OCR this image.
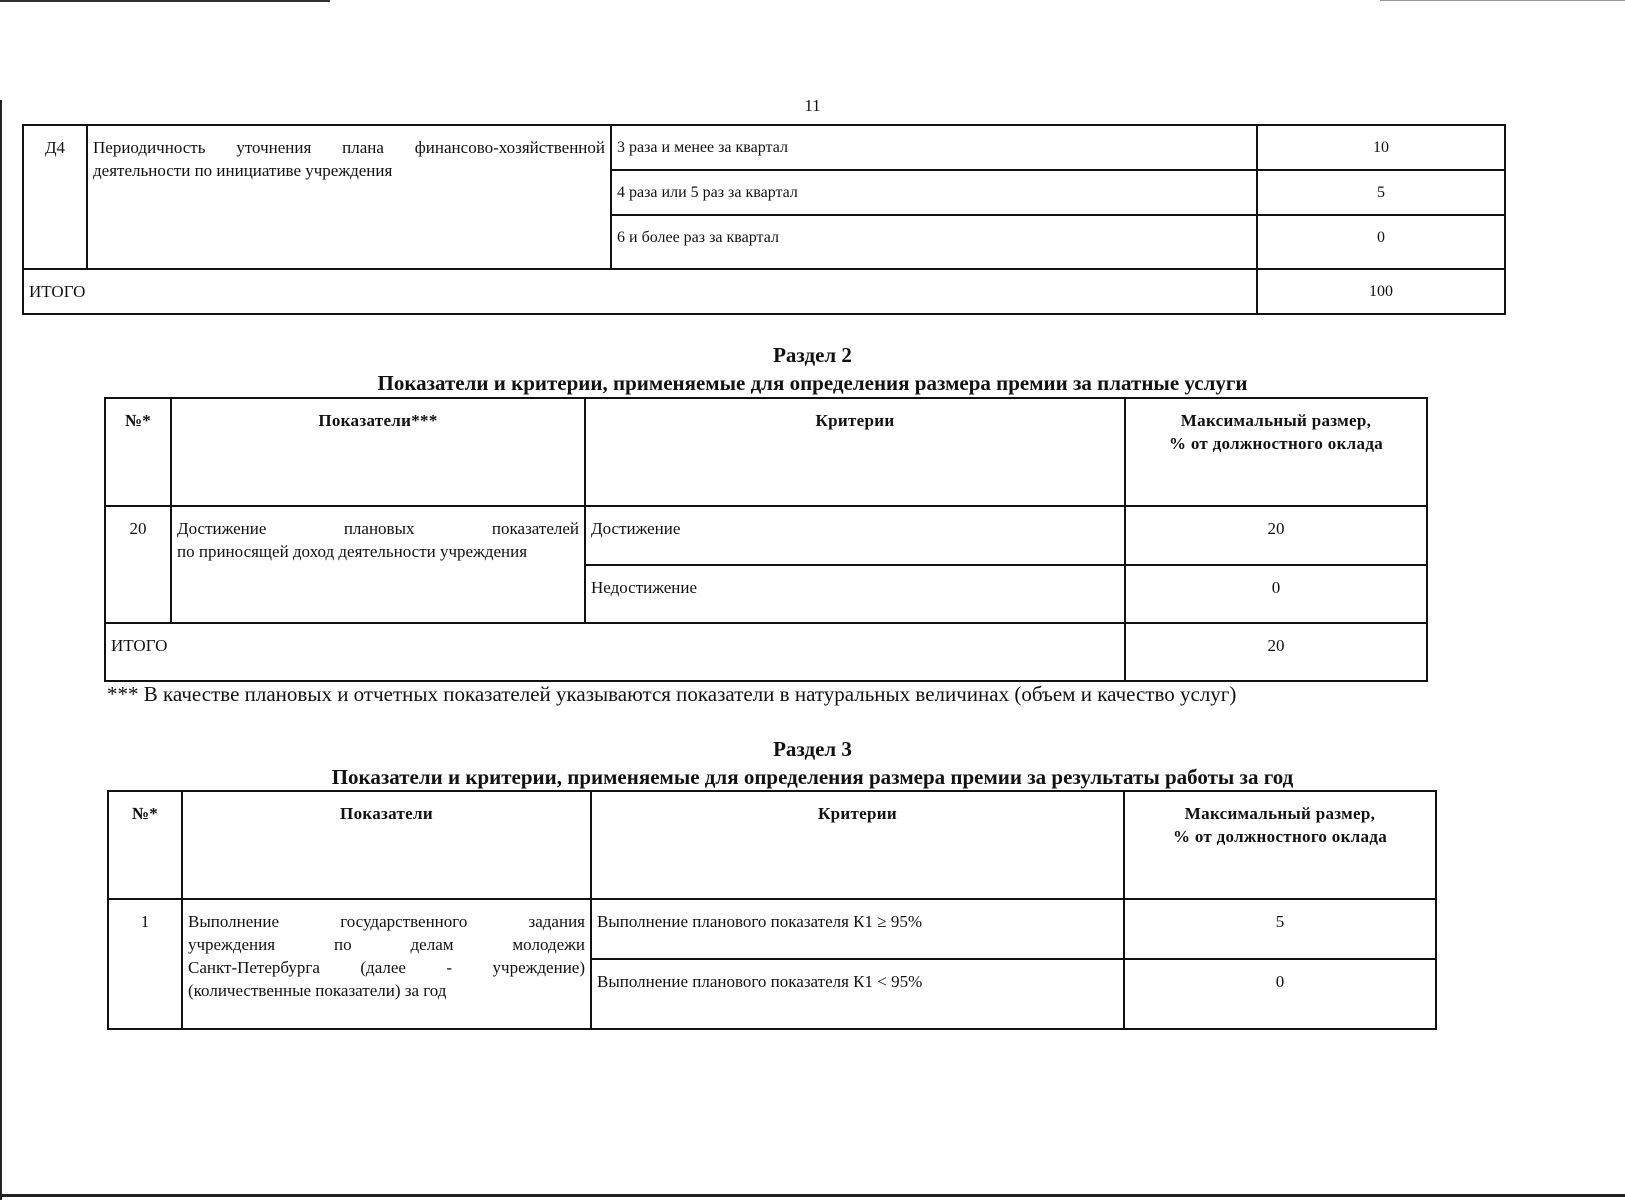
11
Д4	Периодичность уточнения плана финансово-хозяйственной деятельности по инициативе учреждения	3 раза и менее за квартал	10
		4 раза или 5 раз за квартал	5
		6 и более раз за квартал	0
ИТОГО			100
Раздел 2
Показатели и критерии, применяемые для определения размера премии за платные услуги
№*	Показатели***	Критерии	Максимальный размер,
% от должностного оклада

20	Достижение плановых показателей
по приносящей доход деятельности учреждения	Достижение	20
		Недостижение	0
ИТОГО			20
*** В качестве плановых и отчетных показателей указываются показатели в натуральных величинах (объем и качество услуг)
Раздел 3
Показатели и критерии, применяемые для определения размера премии за результаты работы за год
№*	Показатели	Критерии	Максимальный размер,
% от должностного оклада

1	Выполнение государственного задания
учреждения по делам молодежи
Санкт-Петербурга (далее - учреждение)
(количественные показатели) за год	Выполнение планового показателя К1 ≥ 95%	5
		Выполнение планового показателя К1 < 95%	0
